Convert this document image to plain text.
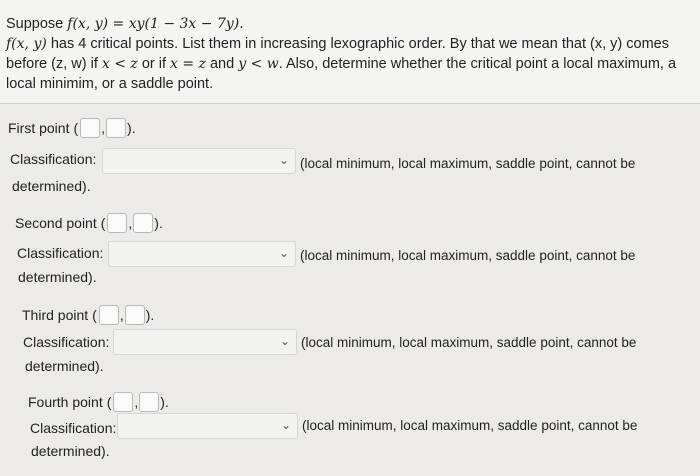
Suppose f(x, y) = xy(1 − 3x − 7y).
f(x, y) has 4 critical points. List them in increasing lexographic order. By that we mean that (x, y) comes
before (z, w) if x < z or if x = z and y < w. Also, determine whether the critical point a local maximum, a
local minimim, or a saddle point.
First point ( , ).
Classification:	⌄ (local minimum, local maximum, saddle point, cannot be
determined).
Second point ( , ).
Classification:	⌄ (local minimum, local maximum, saddle point, cannot be
determined).
Third point ( , ).
Classification:	⌄ (local minimum, local maximum, saddle point, cannot be
determined).
Fourth point ( , ).
Classification:	⌄ (local minimum, local maximum, saddle point, cannot be
determined).
